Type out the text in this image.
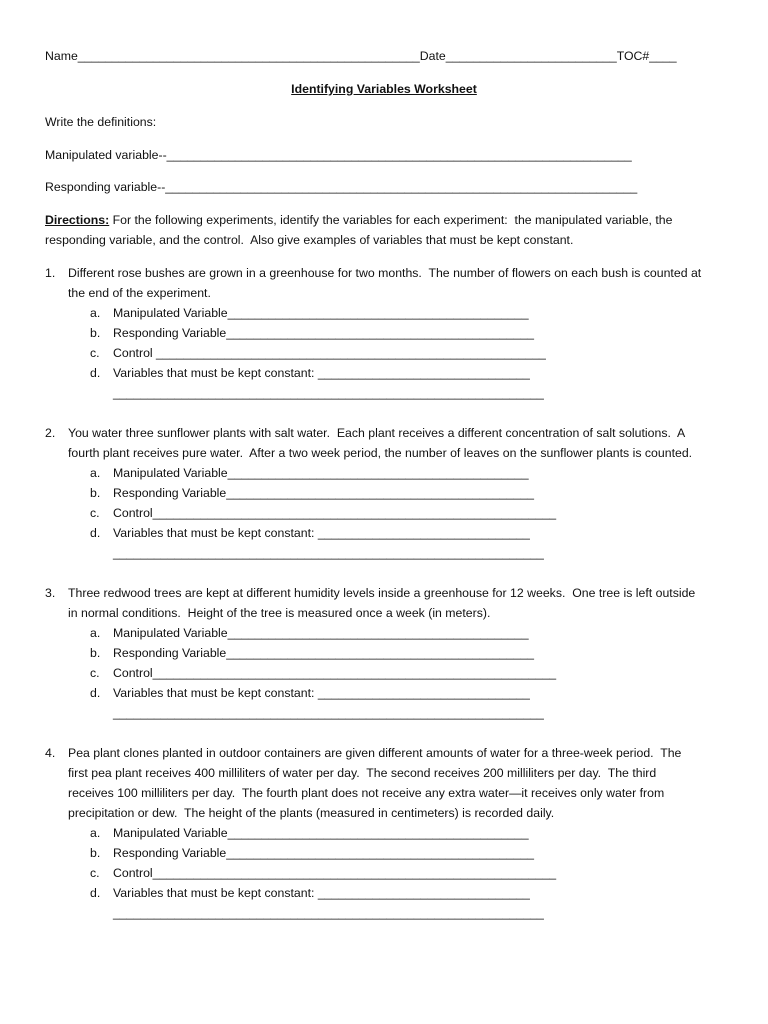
Name__________________________________________________Date_________________________TOC#____
Identifying Variables Worksheet
Write the definitions:
Manipulated variable--____________________________________________________________________
Responding variable--_____________________________________________________________________
Directions: For the following experiments, identify the variables for each experiment:  the manipulated variable, the
responding variable, and the control.  Also give examples of variables that must be kept constant.
1. Different rose bushes are grown in a greenhouse for two months.  The number of flowers on each bush is counted at
the end of the experiment.
a. Manipulated Variable____________________________________________
b. Responding Variable_____________________________________________
c. Control _________________________________________________________
d. Variables that must be kept constant: _______________________________
_______________________________________________________________
2. You water three sunflower plants with salt water.  Each plant receives a different concentration of salt solutions.  A
fourth plant receives pure water.  After a two week period, the number of leaves on the sunflower plants is counted.
a. Manipulated Variable____________________________________________
b. Responding Variable_____________________________________________
c. Control___________________________________________________________
d. Variables that must be kept constant: _______________________________
_______________________________________________________________
3. Three redwood trees are kept at different humidity levels inside a greenhouse for 12 weeks.  One tree is left outside
in normal conditions.  Height of the tree is measured once a week (in meters).
a. Manipulated Variable____________________________________________
b. Responding Variable_____________________________________________
c. Control___________________________________________________________
d. Variables that must be kept constant: _______________________________
_______________________________________________________________
4. Pea plant clones planted in outdoor containers are given different amounts of water for a three-week period.  The
first pea plant receives 400 milliliters of water per day.  The second receives 200 milliliters per day.  The third
receives 100 milliliters per day.  The fourth plant does not receive any extra water—it receives only water from
precipitation or dew.  The height of the plants (measured in centimeters) is recorded daily.
a. Manipulated Variable____________________________________________
b. Responding Variable_____________________________________________
c. Control___________________________________________________________
d. Variables that must be kept constant: _______________________________
_______________________________________________________________
